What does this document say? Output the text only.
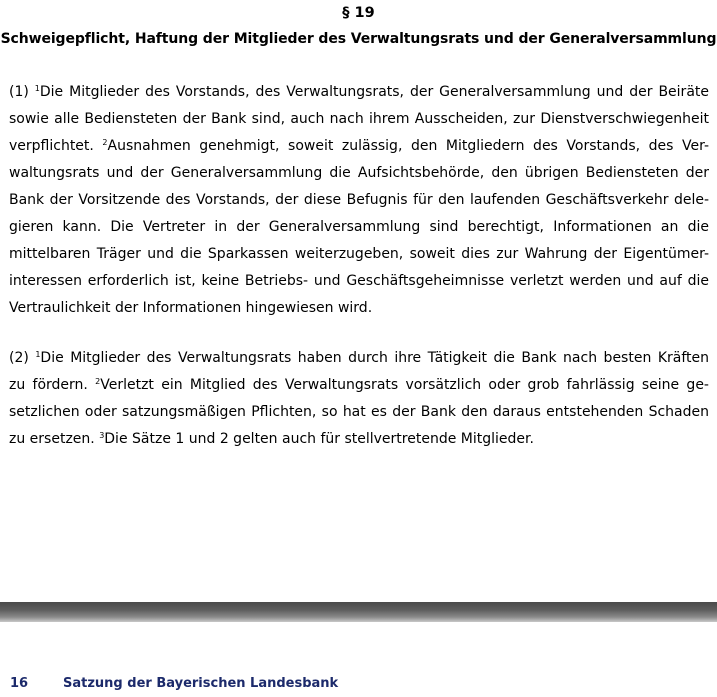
§ 19
Schweigepflicht, Haftung der Mitglieder des Verwaltungsrats und der Generalversammlung
(1) $^1$Die Mitglieder des Vorstands, des Verwaltungsrats, der Generalversammlung und der Beiräte
sowie alle Bediensteten der Bank sind, auch nach ihrem Ausscheiden, zur Dienstverschwiegenheit
verpflichtet. $^2$Ausnahmen genehmigt, soweit zulässig, den Mitgliedern des Vorstands, des Ver-
waltungsrats und der Generalversammlung die Aufsichtsbehörde, den übrigen Bediensteten der
Bank der Vorsitzende des Vorstands, der diese Befugnis für den laufenden Geschäftsverkehr dele-
gieren kann. Die Vertreter in der Generalversammlung sind berechtigt, Informationen an die
mittelbaren Träger und die Sparkassen weiterzugeben, soweit dies zur Wahrung der Eigentümer-
interessen erforderlich ist, keine Betriebs- und Geschäftsgeheimnisse verletzt werden und auf die
Vertraulichkeit der Informationen hingewiesen wird.
(2) $^1$Die Mitglieder des Verwaltungsrats haben durch ihre Tätigkeit die Bank nach besten Kräften
zu fördern. $^2$Verletzt ein Mitglied des Verwaltungsrats vorsätzlich oder grob fahrlässig seine ge-
setzlichen oder satzungsmäßigen Pflichten, so hat es der Bank den daraus entstehenden Schaden
zu ersetzen. $^3$Die Sätze 1 und 2 gelten auch für stellvertretende Mitglieder.
16	Satzung der Bayerischen Landesbank
